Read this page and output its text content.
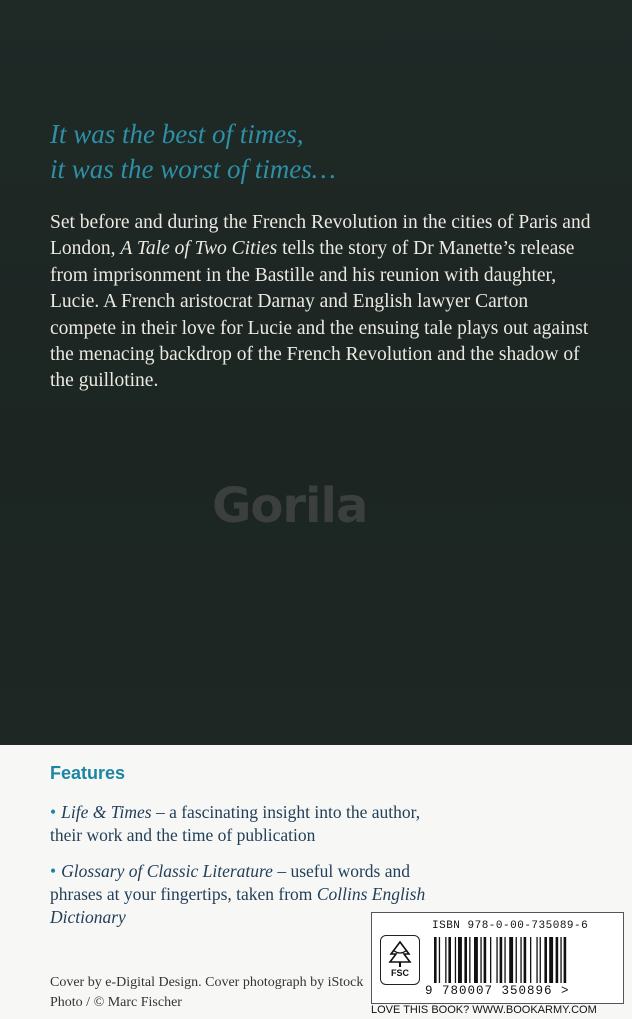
It was the best of times,
it was the worst of times…
Set before and during the French Revolution in the cities of Paris and London, A Tale of Two Cities tells the story of Dr Manette’s release from imprisonment in the Bastille and his reunion with daughter, Lucie. A French aristocrat Darnay and English lawyer Carton compete in their love for Lucie and the ensuing tale plays out against the menacing backdrop of the French Revolution and the shadow of the guillotine.
Gorila
Features
• Life & Times – a fascinating insight into the author, their work and the time of publication
• Glossary of Classic Literature – useful words and phrases at your fingertips, taken from Collins English Dictionary
Cover by e-Digital Design. Cover photograph by iStock Photo / © Marc Fischer
FSC
ISBN 978-0-00-735089-6
9 780007 350896 >
LOVE THIS BOOK? WWW.BOOKARMY.COM
